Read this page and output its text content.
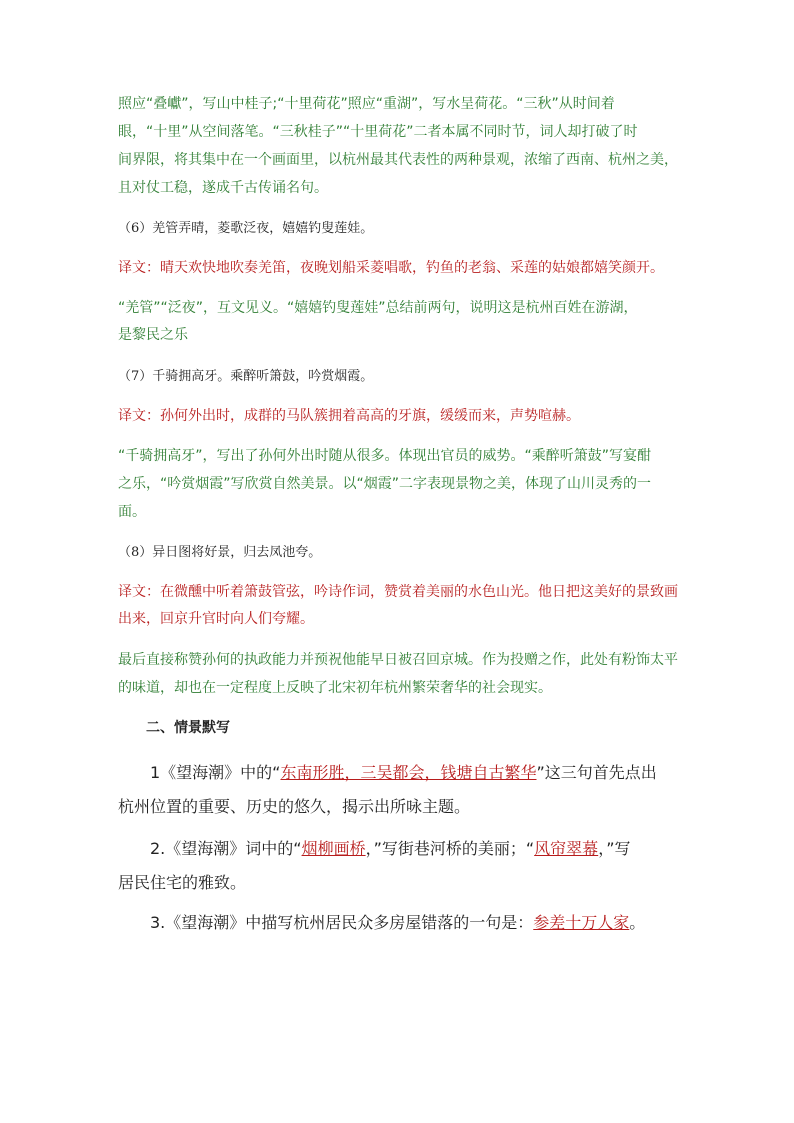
照应“叠巘”，写山中桂子;“十里荷花”照应“重湖”，写水呈荷花。“三秋”从时间着

眼，“十里”从空间落笔。“三秋桂子”“十里荷花”二者本属不同时节，词人却打破了时

间界限，将其集中在一个画面里，以杭州最其代表性的两种景观，浓缩了西南、杭州之美，

且对仗工稳，遂成千古传诵名句。

（6）羌管弄晴，菱歌泛夜，嬉嬉钓叟莲娃。

译文：晴天欢快地吹奏羌笛，夜晚划船采菱唱歌，钓鱼的老翁、采莲的姑娘都嬉笑颜开。

“羌管”“泛夜”，互文见义。“嬉嬉钓叟莲娃”总结前两句，说明这是杭州百姓在游湖，

是黎民之乐

（7）千骑拥高牙。乘醉听箫鼓，吟赏烟霞。

译文：孙何外出时，成群的马队簇拥着高高的牙旗，缓缓而来，声势喧赫。

“千骑拥高牙”，写出了孙何外出时随从很多。体现出官员的威势。“乘醉听箫鼓”写宴酣

之乐，“吟赏烟霞”写欣赏自然美景。以“烟霞”二字表现景物之美，体现了山川灵秀的一

面。

（8）异日图将好景，归去凤池夸。

译文：在微醺中听着箫鼓管弦，吟诗作词，赞赏着美丽的水色山光。他日把这美好的景致画

出来，回京升官时向人们夸耀。

最后直接称赞孙何的执政能力并预祝他能早日被召回京城。作为投赠之作，此处有粉饰太平

的味道，却也在一定程度上反映了北宋初年杭州繁荣奢华的社会现实。

二、情景默写

1《望海潮》中的“东南形胜，三吴都会，钱塘自古繁华”这三句首先点出

杭州位置的重要、历史的悠久，揭示出所咏主题。

2.《望海潮》词中的“烟柳画桥，”写街巷河桥的美丽；“风帘翠幕，”写

居民住宅的雅致。

3.《望海潮》中描写杭州居民众多房屋错落的一句是：参差十万人家。
